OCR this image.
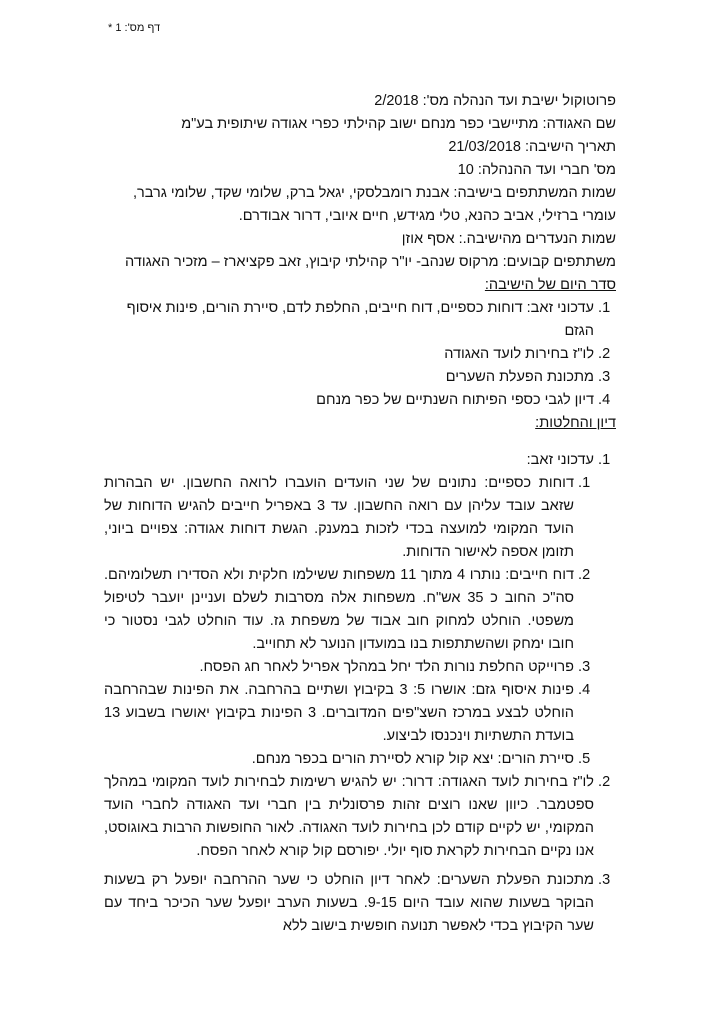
דף מס': 1 *

פרוטוקול ישיבת ועד הנהלה מס': 2/2018

שם האגודה: מתיישבי כפר מנחם ישוב קהילתי כפרי אגודה שיתופית בע"מ

תאריך הישיבה: 21/03/2018

מס' חברי ועד ההנהלה: 10

שמות המשתתפים בישיבה: אבנת רומבלסקי, יגאל ברק, שלומי שקד, שלומי גרבר, עומרי ברזילי, אביב כהנא, טלי מגידש, חיים איובי, דרור אבודרם.

שמות הנעדרים מהישיבה.: אסף אוזן

משתתפים קבועים: מרקוס שנהב- יו"ר קהילתי קיבוץ, זאב פקציארז – מזכיר האגודה

סדר היום של הישיבה:

1. עדכוני זאב: דוחות כספיים, דוח חייבים, החלפת לדם, סיירת הורים, פינות איסוף הגזם
2. לו"ז בחירות לועד האגודה
3. מתכונת הפעלת השערים
4. דיון לגבי כספי הפיתוח השנתיים של כפר מנחם

דיון והחלטות:

1. עדכוני זאב:
1. דוחות כספיים: נתונים של שני הועדים הועברו לרואה החשבון. יש הבהרות שזאב עובד עליהן עם רואה החשבון. עד 3 באפריל חייבים להגיש הדוחות של הועד המקומי למועצה בכדי לזכות במענק. הגשת דוחות אגודה: צפויים ביוני, תזומן אספה לאישור הדוחות.
2. דוח חייבים: נותרו 4 מתוך 11 משפחות ששילמו חלקית ולא הסדירו תשלומיהם. סה"כ החוב כ 35 אש"ח. משפחות אלה מסרבות לשלם ועניינן יועבר לטיפול משפטי. הוחלט למחוק חוב אבוד של משפחת גז. עוד הוחלט לגבי נסטור כי חובו ימחק ושהשתתפות בנו במועדון הנוער לא תחוייב.
3. פרוייקט החלפת נורות הלד יחל במהלך אפריל לאחר חג הפסח.
4. פינות איסוף גזם: אושרו 5: 3 בקיבוץ ושתיים בהרחבה. את הפינות שבהרחבה הוחלט לבצע במרכז השצ"פים המדוברים. 3 הפינות בקיבוץ יאושרו בשבוע 13 בועדת התשתיות וינכנסו לביצוע.
5. סיירת הורים: יצא קול קורא לסיירת הורים בכפר מנחם.
2. לו"ז בחירות לועד האגודה: דרור: יש להגיש רשימות לבחירות לועד המקומי במהלך ספטמבר. כיוון שאנו רוצים זהות פרסונלית בין חברי ועד האגודה לחברי הועד המקומי, יש לקיים קודם לכן בחירות לועד האגודה. לאור החופשות הרבות באוגוסט, אנו נקיים הבחירות לקראת סוף יולי. יפורסם קול קורא לאחר הפסח.
3. מתכונת הפעלת השערים: לאחר דיון הוחלט כי שער ההרחבה יופעל רק בשעות הבוקר בשעות שהוא עובד היום 9-15. בשעות הערב יופעל שער הכיכר ביחד עם שער הקיבוץ בכדי לאפשר תנועה חופשית בישוב ללא
